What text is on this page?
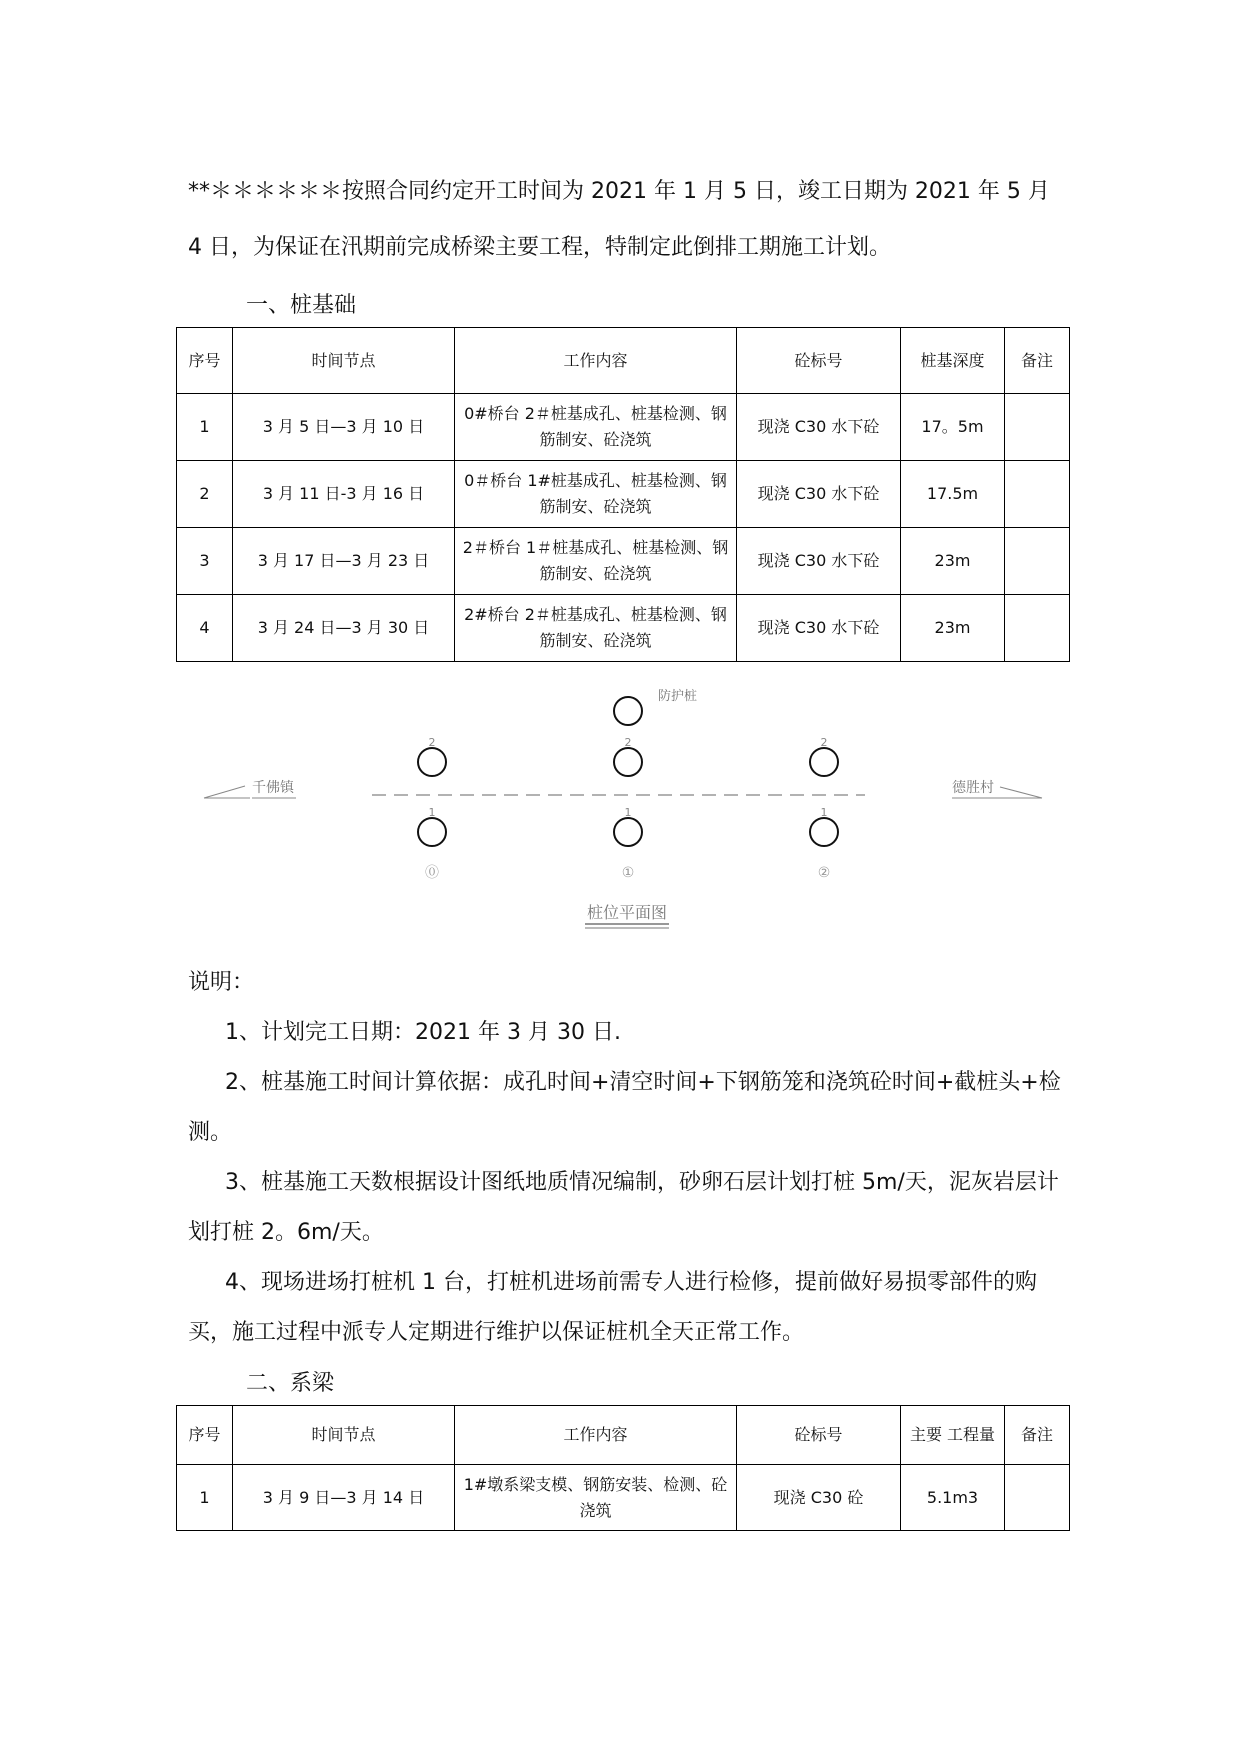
**＊＊＊＊＊＊按照合同约定开工时间为 2021 年 1 月 5 日，竣工日期为 2021 年 5 月 4 日，为保证在汛期前完成桥梁主要工程，特制定此倒排工期施工计划。
一、桩基础
序号	时间节点	工作内容	砼标号	桩基深度	备注
1	3 月 5 日—3 月 10 日	0#桥台 2＃桩基成孔、桩基检测、钢筋制安、砼浇筑	现浇 C30 水下砼	17。5m	
2	3 月 11 日-3 月 16 日	0＃桥台 1#桩基成孔、桩基检测、钢筋制安、砼浇筑	现浇 C30 水下砼	17.5m	
3	3 月 17 日—3 月 23 日	2＃桥台 1＃桩基成孔、桩基检测、钢筋制安、砼浇筑	现浇 C30 水下砼	23m	
4	3 月 24 日—3 月 30 日	2#桥台 2＃桩基成孔、桩基检测、钢筋制安、砼浇筑	现浇 C30 水下砼	23m	
千佛镇	德胜村
防护桩
2	2	2
1	1	1
⓪	①	②
桩位平面图

说明：

1、计划完工日期：2021 年 3 月 30 日.

2、桩基施工时间计算依据：成孔时间+清空时间+下钢筋笼和浇筑砼时间+截桩头+检测。

3、桩基施工天数根据设计图纸地质情况编制，砂卵石层计划打桩 5m/天，泥灰岩层计划打桩 2。6m/天。

4、现场进场打桩机 1 台，打桩机进场前需专人进行检修，提前做好易损零部件的购买，施工过程中派专人定期进行维护以保证桩机全天正常工作。

二、系梁
序号	时间节点	工作内容	砼标号	主要 工程量	备注
1	3 月 9 日—3 月 14 日	1#墩系梁支模、钢筋安装、检测、砼浇筑	现浇 C30 砼	5.1m3	
